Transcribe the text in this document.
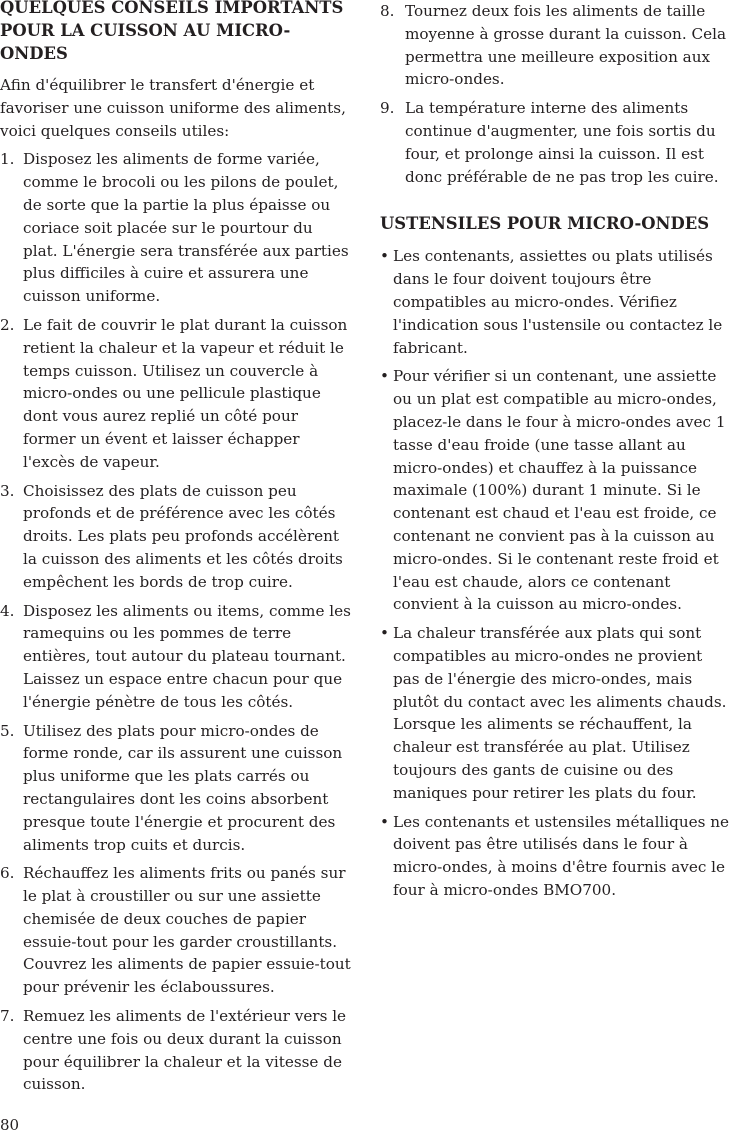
QUELQUES CONSEILS IMPORTANTS POUR LA CUISSON AU MICRO-ONDES

Afin d'équilibrer le transfert d'énergie et favoriser une cuisson uniforme des aliments, voici quelques conseils utiles:

1. Disposez les aliments de forme variée, comme le brocoli ou les pilons de poulet, de sorte que la partie la plus épaisse ou coriace soit placée sur le pourtour du plat. L'énergie sera transférée aux parties plus difficiles à cuire et assurera une cuisson uniforme.
2. Le fait de couvrir le plat durant la cuisson retient la chaleur et la vapeur et réduit le temps cuisson. Utilisez un couvercle à micro-ondes ou une pellicule plastique dont vous aurez replié un côté pour former un évent et laisser échapper l'excès de vapeur.
3. Choisissez des plats de cuisson peu profonds et de préférence avec les côtés droits. Les plats peu profonds accélèrent la cuisson des aliments et les côtés droits empêchent les bords de trop cuire.
4. Disposez les aliments ou items, comme les ramequins ou les pommes de terre entières, tout autour du plateau tournant. Laissez un espace entre chacun pour que l'énergie pénètre de tous les côtés.
5. Utilisez des plats pour micro-ondes de forme ronde, car ils assurent une cuisson plus uniforme que les plats carrés ou rectangulaires dont les coins absorbent presque toute l'énergie et procurent des aliments trop cuits et durcis.
6. Réchauffez les aliments frits ou panés sur le plat à croustiller ou sur une assiette chemisée de deux couches de papier essuie-tout pour les garder croustillants. Couvrez les aliments de papier essuie-tout pour prévenir les éclaboussures.
7. Remuez les aliments de l'extérieur vers le centre une fois ou deux durant la cuisson pour équilibrer la chaleur et la vitesse de cuisson.
8. Tournez deux fois les aliments de taille moyenne à grosse durant la cuisson. Cela permettra une meilleure exposition aux micro-ondes.
9. La température interne des aliments continue d'augmenter, une fois sortis du four, et prolonge ainsi la cuisson. Il est donc préférable de ne pas trop les cuire.
USTENSILES POUR MICRO-ONDES
• Les contenants, assiettes ou plats utilisés dans le four doivent toujours être compatibles au micro-ondes. Vérifiez l'indication sous l'ustensile ou contactez le fabricant.
• Pour vérifier si un contenant, une assiette ou un plat est compatible au micro-ondes, placez-le dans le four à micro-ondes avec 1 tasse d'eau froide (une tasse allant au micro-ondes) et chauffez à la puissance maximale (100%) durant 1 minute. Si le contenant est chaud et l'eau est froide, ce contenant ne convient pas à la cuisson au micro-ondes. Si le contenant reste froid et l'eau est chaude, alors ce contenant convient à la cuisson au micro-ondes.
• La chaleur transférée aux plats qui sont compatibles au micro-ondes ne provient pas de l'énergie des micro-ondes, mais plutôt du contact avec les aliments chauds. Lorsque les aliments se réchauffent, la chaleur est transférée au plat. Utilisez toujours des gants de cuisine ou des maniques pour retirer les plats du four.
• Les contenants et ustensiles métalliques ne doivent pas être utilisés dans le four à micro-ondes, à moins d'être fournis avec le four à micro-ondes BMO700.
80
